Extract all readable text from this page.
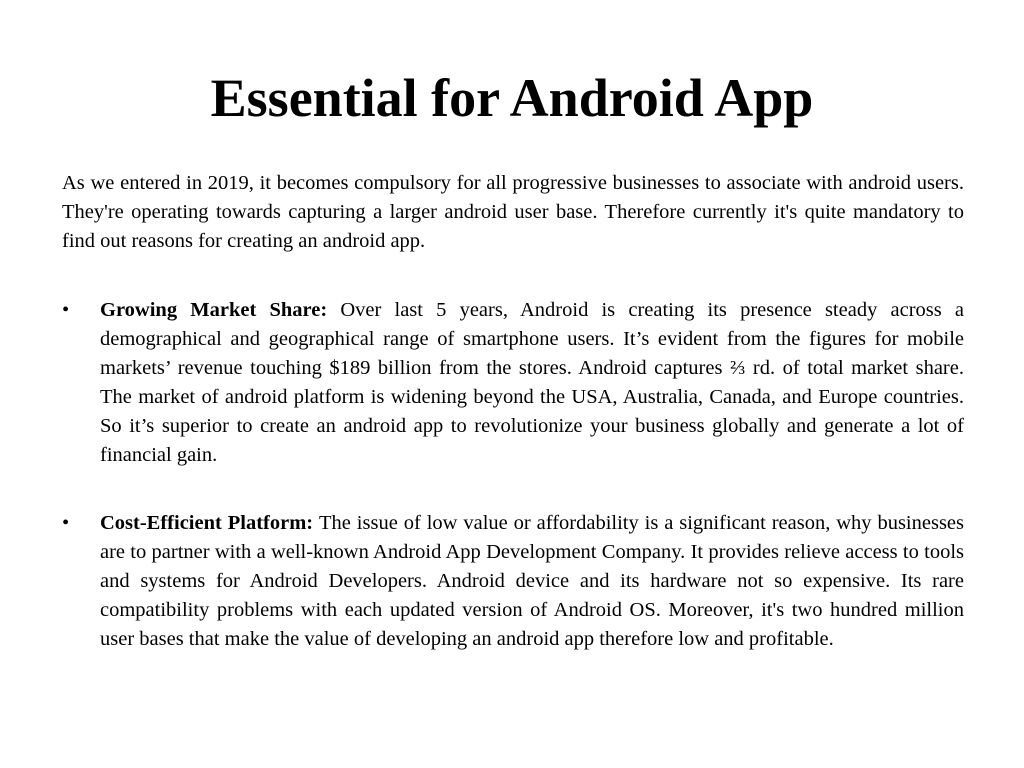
Essential for Android App

As we entered in 2019, it becomes compulsory for all progressive businesses to associate with android users. They're operating towards capturing a larger android user base. Therefore currently it's quite mandatory to find out reasons for creating an android app.

•	Growing Market Share: Over last 5 years, Android is creating its presence steady across a demographical and geographical range of smartphone users. It’s evident from the figures for mobile markets’ revenue touching $189 billion from the stores. Android captures ⅔ rd. of total market share. The market of android platform is widening beyond the USA, Australia, Canada, and Europe countries. So it’s superior to create an android app to revolutionize your business globally and generate a lot of financial gain.
•	Cost-Efficient Platform: The issue of low value or affordability is a significant reason, why businesses are to partner with a well-known Android App Development Company. It provides relieve access to tools and systems for Android Developers. Android device and its hardware not so expensive. Its rare compatibility problems with each updated version of Android OS. Moreover, it's two hundred million user bases that make the value of developing an android app therefore low and profitable.
